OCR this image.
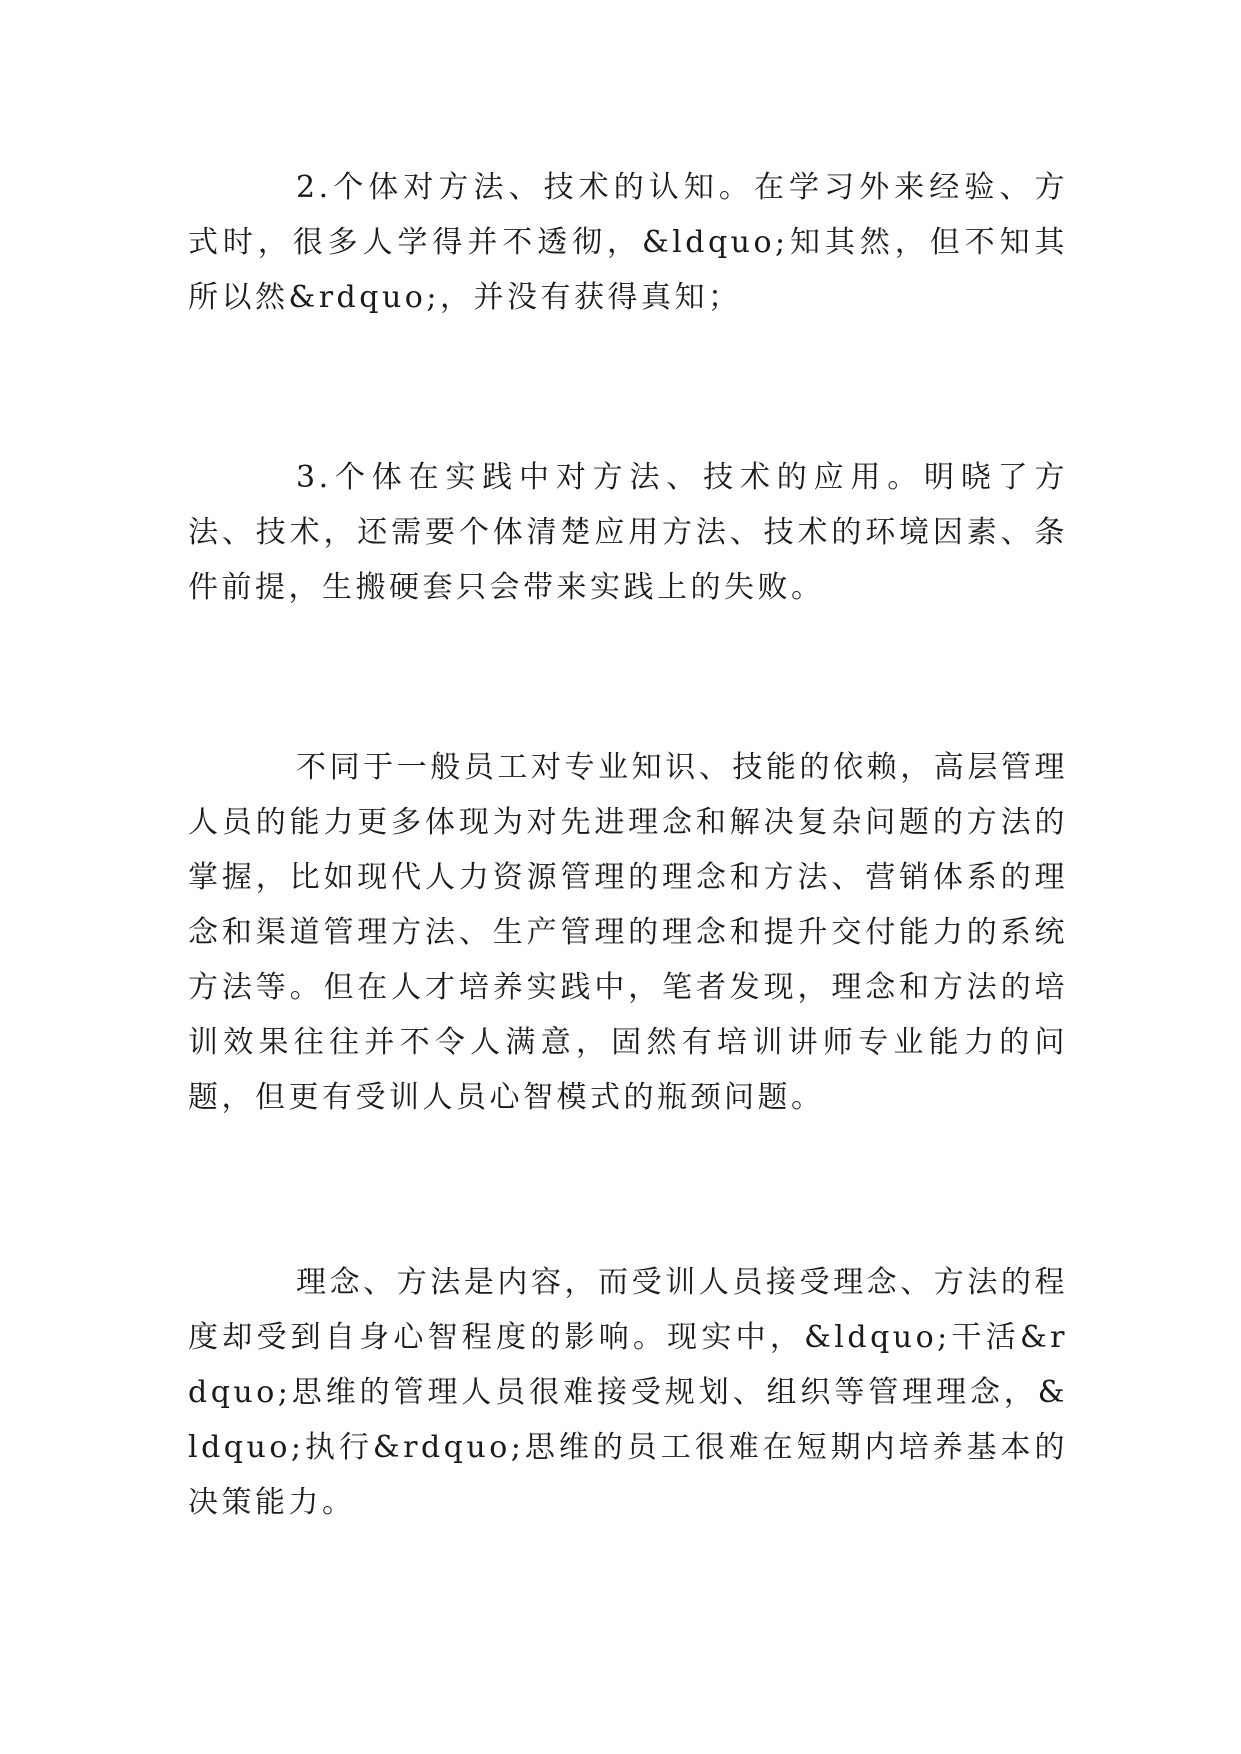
2.个体对方法、技术的认知。在学习外来经验、方式时，很多人学得并不透彻，&ldquo;知其然，但不知其所以然&rdquo;，并没有获得真知；

3.个体在实践中对方法、技术的应用。明晓了方法、技术，还需要个体清楚应用方法、技术的环境因素、条件前提，生搬硬套只会带来实践上的失败。

不同于一般员工对专业知识、技能的依赖，高层管理人员的能力更多体现为对先进理念和解决复杂问题的方法的掌握，比如现代人力资源管理的理念和方法、营销体系的理念和渠道管理方法、生产管理的理念和提升交付能力的系统方法等。但在人才培养实践中，笔者发现，理念和方法的培训效果往往并不令人满意，固然有培训讲师专业能力的问题，但更有受训人员心智模式的瓶颈问题。

理念、方法是内容，而受训人员接受理念、方法的程度却受到自身心智程度的影响。现实中，&ldquo;干活&rdquo;思维的管理人员很难接受规划、组织等管理理念，&ldquo;执行&rdquo;思维的员工很难在短期内培养基本的决策能力。
